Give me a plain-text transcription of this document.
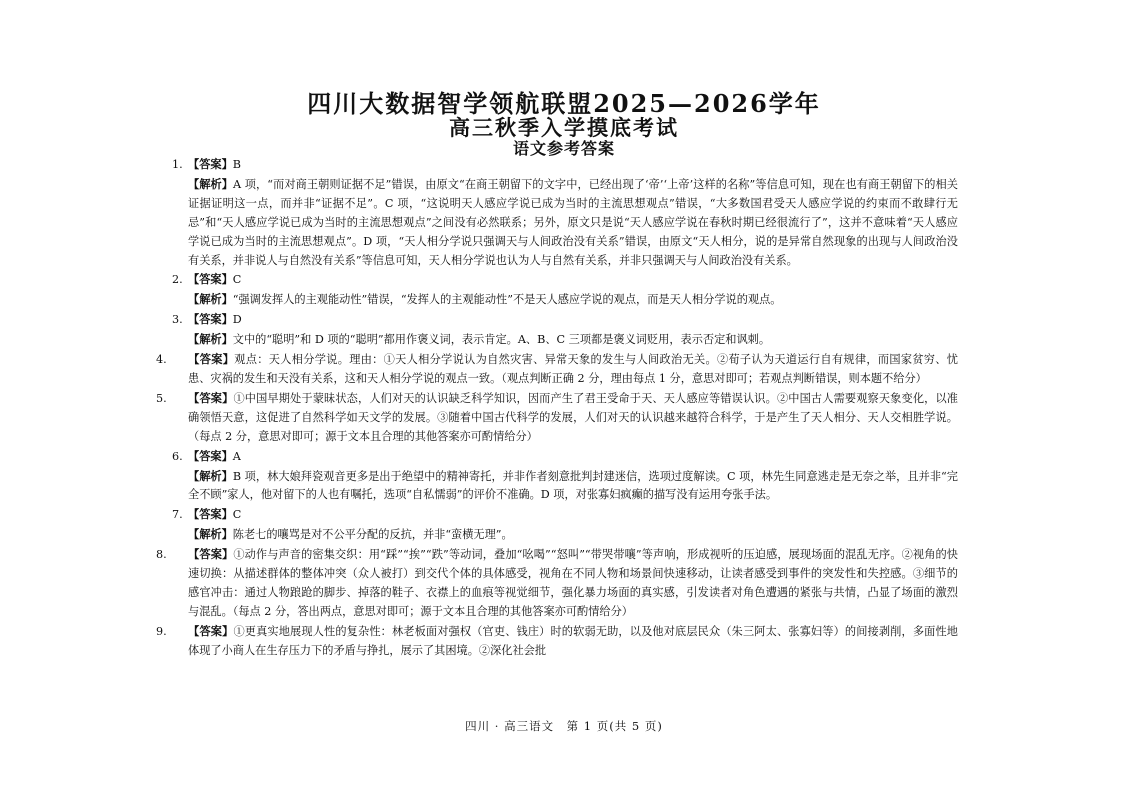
四川大数据智学领航联盟2025—2026学年
高三秋季入学摸底考试
语文参考答案
1. 【答案】B
【解析】A 项，“而对商王朝则证据不足”错误，由原文“在商王朝留下的文字中，已经出现了‘帝’‘上帝’这样的名称”等信息可知，现在也有商王朝留下的相关证据证明这一点，而并非“证据不足”。C 项，“这说明天人感应学说已成为当时的主流思想观点”错误，“大多数国君受天人感应学说的约束而不敢肆行无忌”和“天人感应学说已成为当时的主流思想观点”之间没有必然联系；另外，原文只是说“天人感应学说在春秋时期已经很流行了”，这并不意味着“天人感应学说已成为当时的主流思想观点”。D 项，“天人相分学说只强调天与人间政治没有关系”错误，由原文“天人相分，说的是异常自然现象的出现与人间政治没有关系，并非说人与自然没有关系”等信息可知，天人相分学说也认为人与自然有关系，并非只强调天与人间政治没有关系。
2. 【答案】C
【解析】“强调发挥人的主观能动性”错误，“发挥人的主观能动性”不是天人感应学说的观点，而是天人相分学说的观点。
3. 【答案】D
【解析】文中的“聪明”和 D 项的“聪明”都用作褒义词，表示肯定。A、B、C 三项都是褒义词贬用，表示否定和讽刺。
4. 【答案】观点：天人相分学说。理由：①天人相分学说认为自然灾害、异常天象的发生与人间政治无关。②荀子认为天道运行自有规律，而国家贫穷、忧患、灾祸的发生和天没有关系，这和天人相分学说的观点一致。（观点判断正确 2 分，理由每点 1 分，意思对即可；若观点判断错误，则本题不给分）
5. 【答案】①中国早期处于蒙昧状态，人们对天的认识缺乏科学知识，因而产生了君王受命于天、天人感应等错误认识。②中国古人需要观察天象变化，以准确领悟天意，这促进了自然科学如天文学的发展。③随着中国古代科学的发展，人们对天的认识越来越符合科学，于是产生了天人相分、天人交相胜学说。（每点 2 分，意思对即可；源于文本且合理的其他答案亦可酌情给分）
6. 【答案】A
【解析】B 项，林大娘拜瓷观音更多是出于绝望中的精神寄托，并非作者刻意批判封建迷信，选项过度解读。C 项，林先生同意逃走是无奈之举，且并非“完全不顾”家人，他对留下的人也有嘱托，选项“自私懦弱”的评价不准确。D 项，对张寡妇疯癫的描写没有运用夸张手法。
7. 【答案】C
【解析】陈老七的嚷骂是对不公平分配的反抗，并非“蛮横无理”。
8. 【答案】①动作与声音的密集交织：用“踩”“挨”“跌”等动词，叠加“吆喝”“怒叫”“带哭带嚷”等声响，形成视听的压迫感，展现场面的混乱无序。②视角的快速切换：从描述群体的整体冲突（众人被打）到交代个体的具体感受，视角在不同人物和场景间快速移动，让读者感受到事件的突发性和失控感。③细节的感官冲击：通过人物踉跄的脚步、掉落的鞋子、衣襟上的血痕等视觉细节，强化暴力场面的真实感，引发读者对角色遭遇的紧张与共情，凸显了场面的激烈与混乱。（每点 2 分，答出两点，意思对即可；源于文本且合理的其他答案亦可酌情给分）
9. 【答案】①更真实地展现人性的复杂性：林老板面对强权（官吏、钱庄）时的软弱无助，以及他对底层民众（朱三阿太、张寡妇等）的间接剥削，多面性地体现了小商人在生存压力下的矛盾与挣扎，展示了其困境。②深化社会批
四川 · 高三语文　第 1 页(共 5 页)
